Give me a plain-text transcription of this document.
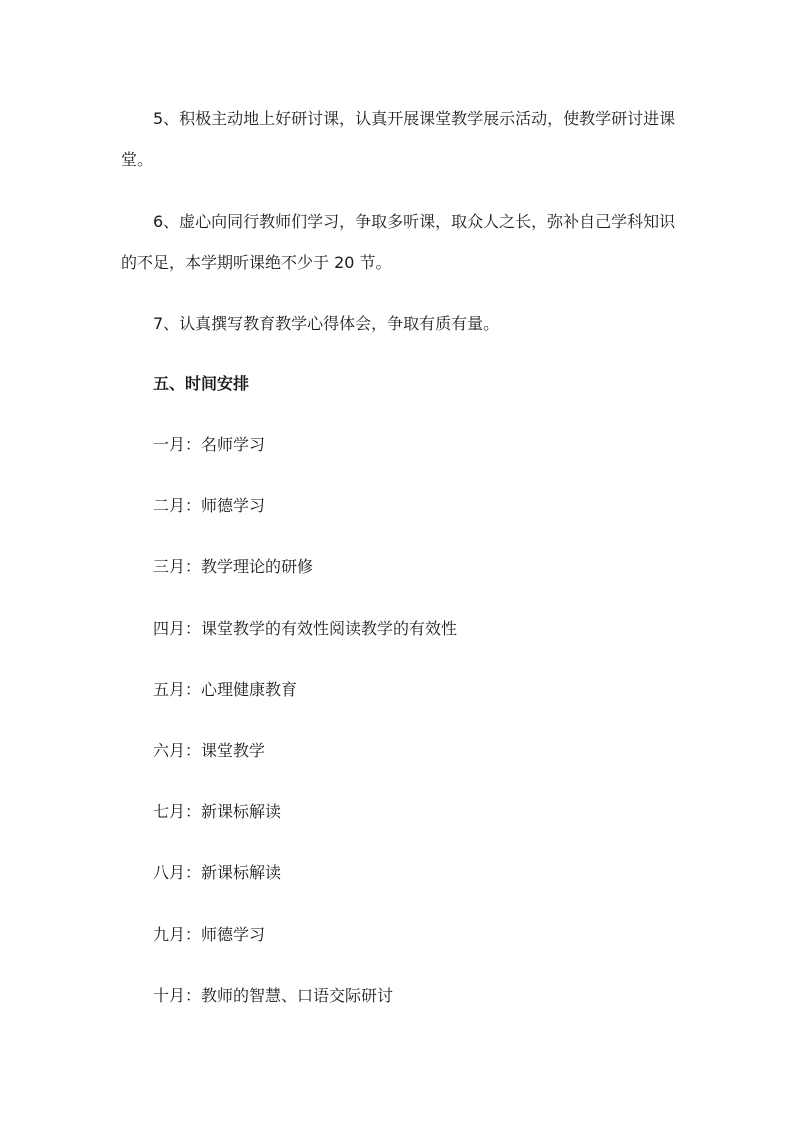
5、积极主动地上好研讨课，认真开展课堂教学展示活动，使教学研讨进课
堂。

6、虚心向同行教师们学习，争取多听课，取众人之长，弥补自己学科知识
的不足，本学期听课绝不少于 20 节。

7、认真撰写教育教学心得体会，争取有质有量。

五、时间安排

一月：名师学习

二月：师德学习

三月：教学理论的研修

四月：课堂教学的有效性阅读教学的有效性

五月：心理健康教育

六月：课堂教学

七月：新课标解读

八月：新课标解读

九月：师德学习

十月：教师的智慧、口语交际研讨
